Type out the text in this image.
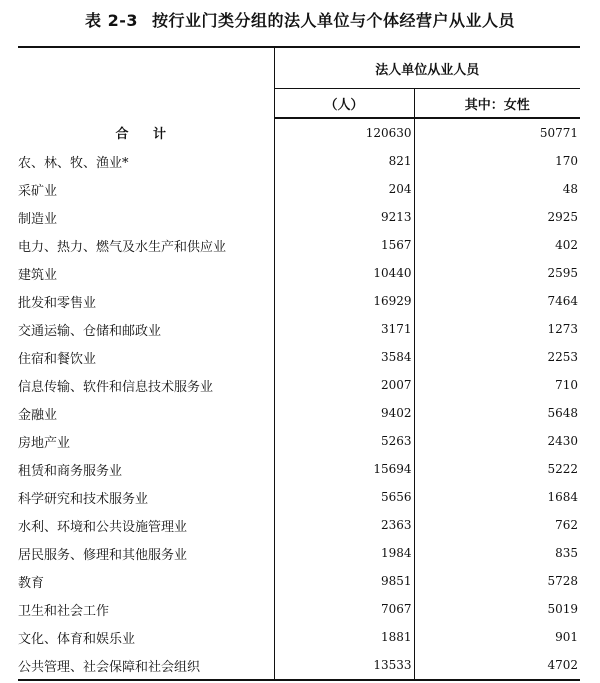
表 2-3 按行业门类分组的法人单位与个体经营户从业人员
	法人单位从业人员	
	（人）	其中：女性
合 计	120630	50771
农、林、牧、渔业*	821	170
采矿业	204	48
制造业	9213	2925
电力、热力、燃气及水生产和供应业	1567	402
建筑业	10440	2595
批发和零售业	16929	7464
交通运输、仓储和邮政业	3171	1273
住宿和餐饮业	3584	2253
信息传输、软件和信息技术服务业	2007	710
金融业	9402	5648
房地产业	5263	2430
租赁和商务服务业	15694	5222
科学研究和技术服务业	5656	1684
水利、环境和公共设施管理业	2363	762
居民服务、修理和其他服务业	1984	835
教育	9851	5728
卫生和社会工作	7067	5019
文化、体育和娱乐业	1881	901
公共管理、社会保障和社会组织	13533	4702
